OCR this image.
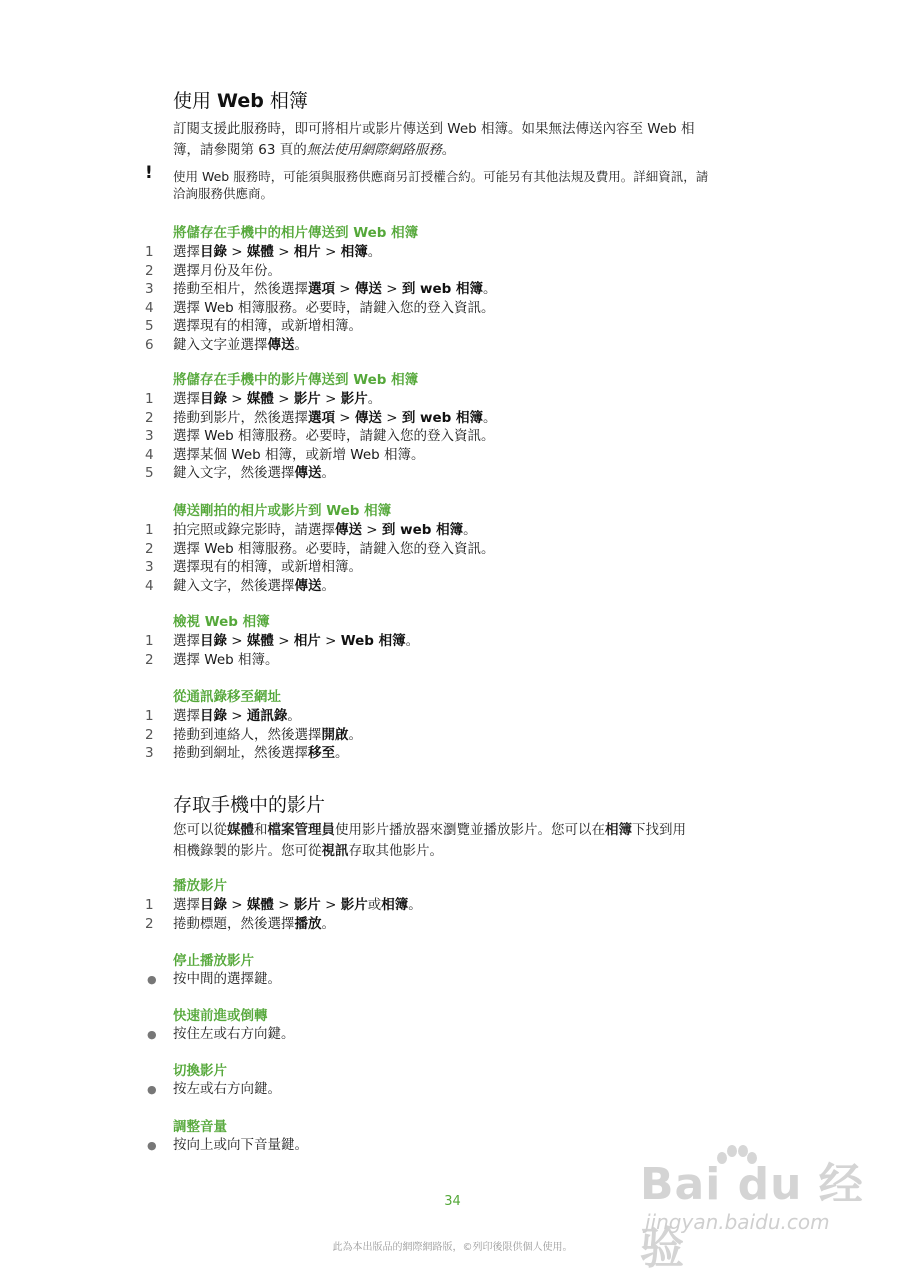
使用 Web 相簿
訂閱支援此服務時，即可將相片或影片傳送到 Web 相簿。如果無法傳送內容至 Web 相
簿，請參閱第 63 頁的無法使用網際網路服務。
! 使用 Web 服務時，可能須與服務供應商另訂授權合約。可能另有其他法規及費用。詳細資訊，請
洽詢服務供應商。
將儲存在手機中的相片傳送到 Web 相簿
1 選擇目錄 > 媒體 > 相片 > 相簿。
2 選擇月份及年份。
3 捲動至相片，然後選擇選項 > 傳送 > 到 web 相簿。
4 選擇 Web 相簿服務。必要時，請鍵入您的登入資訊。
5 選擇現有的相簿，或新增相簿。
6 鍵入文字並選擇傳送。
將儲存在手機中的影片傳送到 Web 相簿
1 選擇目錄 > 媒體 > 影片 > 影片。
2 捲動到影片，然後選擇選項 > 傳送 > 到 web 相簿。
3 選擇 Web 相簿服務。必要時，請鍵入您的登入資訊。
4 選擇某個 Web 相簿，或新增 Web 相簿。
5 鍵入文字，然後選擇傳送。
傳送剛拍的相片或影片到 Web 相簿
1 拍完照或錄完影時，請選擇傳送 > 到 web 相簿。
2 選擇 Web 相簿服務。必要時，請鍵入您的登入資訊。
3 選擇現有的相簿，或新增相簿。
4 鍵入文字，然後選擇傳送。
檢視 Web 相簿
1 選擇目錄 > 媒體 > 相片 > Web 相簿。
2 選擇 Web 相簿。
從通訊錄移至網址
1 選擇目錄 > 通訊錄。
2 捲動到連絡人，然後選擇開啟。
3 捲動到網址，然後選擇移至。
存取手機中的影片
您可以從媒體和檔案管理員使用影片播放器來瀏覽並播放影片。您可以在相簿下找到用
相機錄製的影片。您可從視訊存取其他影片。
播放影片
1 選擇目錄 > 媒體 > 影片 > 影片或相簿。
2 捲動標題，然後選擇播放。
停止播放影片
● 按中間的選擇鍵。
快速前進或倒轉
● 按住左或右方向鍵。
切換影片
● 按左或右方向鍵。
調整音量
● 按向上或向下音量鍵。
Bai du 经验
jingyan.baidu.com
34
此為本出版品的網際網路版，©列印後限供個人使用。
